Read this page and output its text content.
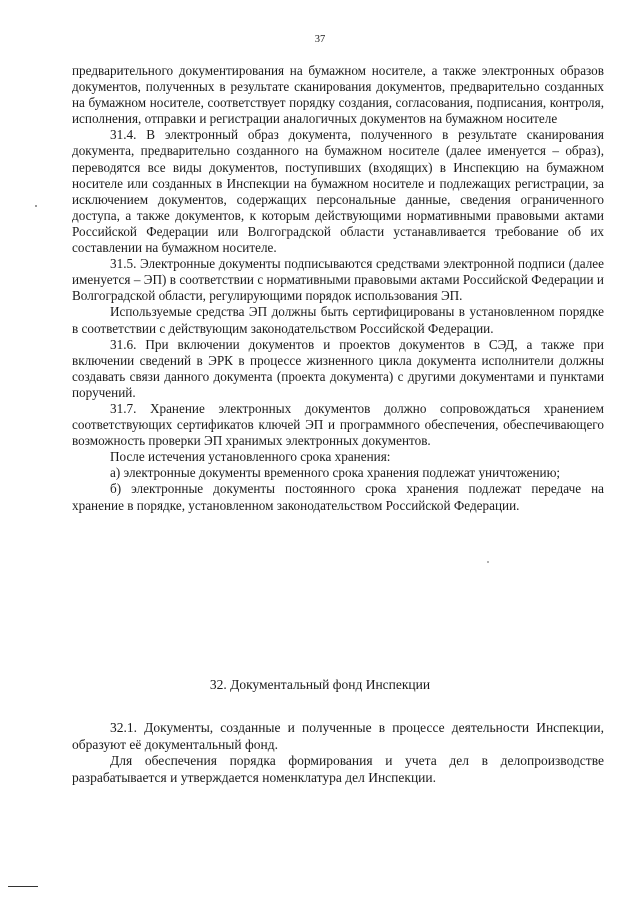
37

предварительного документирования на бумажном носителе, а также электронных образов документов, полученных в результате сканирования документов, предварительно созданных на бумажном носителе, соответствует порядку создания, согласования, подписания, контроля, исполнения, отправки и регистрации аналогичных документов на бумажном носителе

31.4. В электронный образ документа, полученного в результате сканирования документа, предварительно созданного на бумажном носителе (далее именуется – образ), переводятся все виды документов, поступивших (входящих) в Инспекцию на бумажном носителе или созданных в Инспекции на бумажном носителе и подлежащих регистрации, за исключением документов, содержащих персональные данные, сведения ограниченного доступа, а также документов, к которым действующими нормативными правовыми актами Российской Федерации или Волгоградской области устанавливается требование об их составлении на бумажном носителе.

31.5. Электронные документы подписываются средствами электронной подписи (далее именуется – ЭП) в соответствии с нормативными правовыми актами Российской Федерации и Волгоградской области, регулирующими порядок использования ЭП.

Используемые средства ЭП должны быть сертифицированы в установленном порядке в соответствии с действующим законодательством Российской Федерации.

31.6. При включении документов и проектов документов в СЭД, а также при включении сведений в ЭРК в процессе жизненного цикла документа исполнители должны создавать связи данного документа (проекта документа) с другими документами и пунктами поручений.

31.7. Хранение электронных документов должно сопровождаться хранением соответствующих сертификатов ключей ЭП и программного обеспечения, обеспечивающего возможность проверки ЭП хранимых электронных документов.

После истечения установленного срока хранения:

а) электронные документы временного срока хранения подлежат уничтожению;

б) электронные документы постоянного срока хранения подлежат передаче на хранение в порядке, установленном законодательством Российской Федерации.

32. Документальный фонд Инспекции

32.1. Документы, созданные и полученные в процессе деятельности Инспекции, образуют её документальный фонд.

Для обеспечения порядка формирования и учета дел в делопроизводстве разрабатывается и утверждается номенклатура дел Инспекции.
